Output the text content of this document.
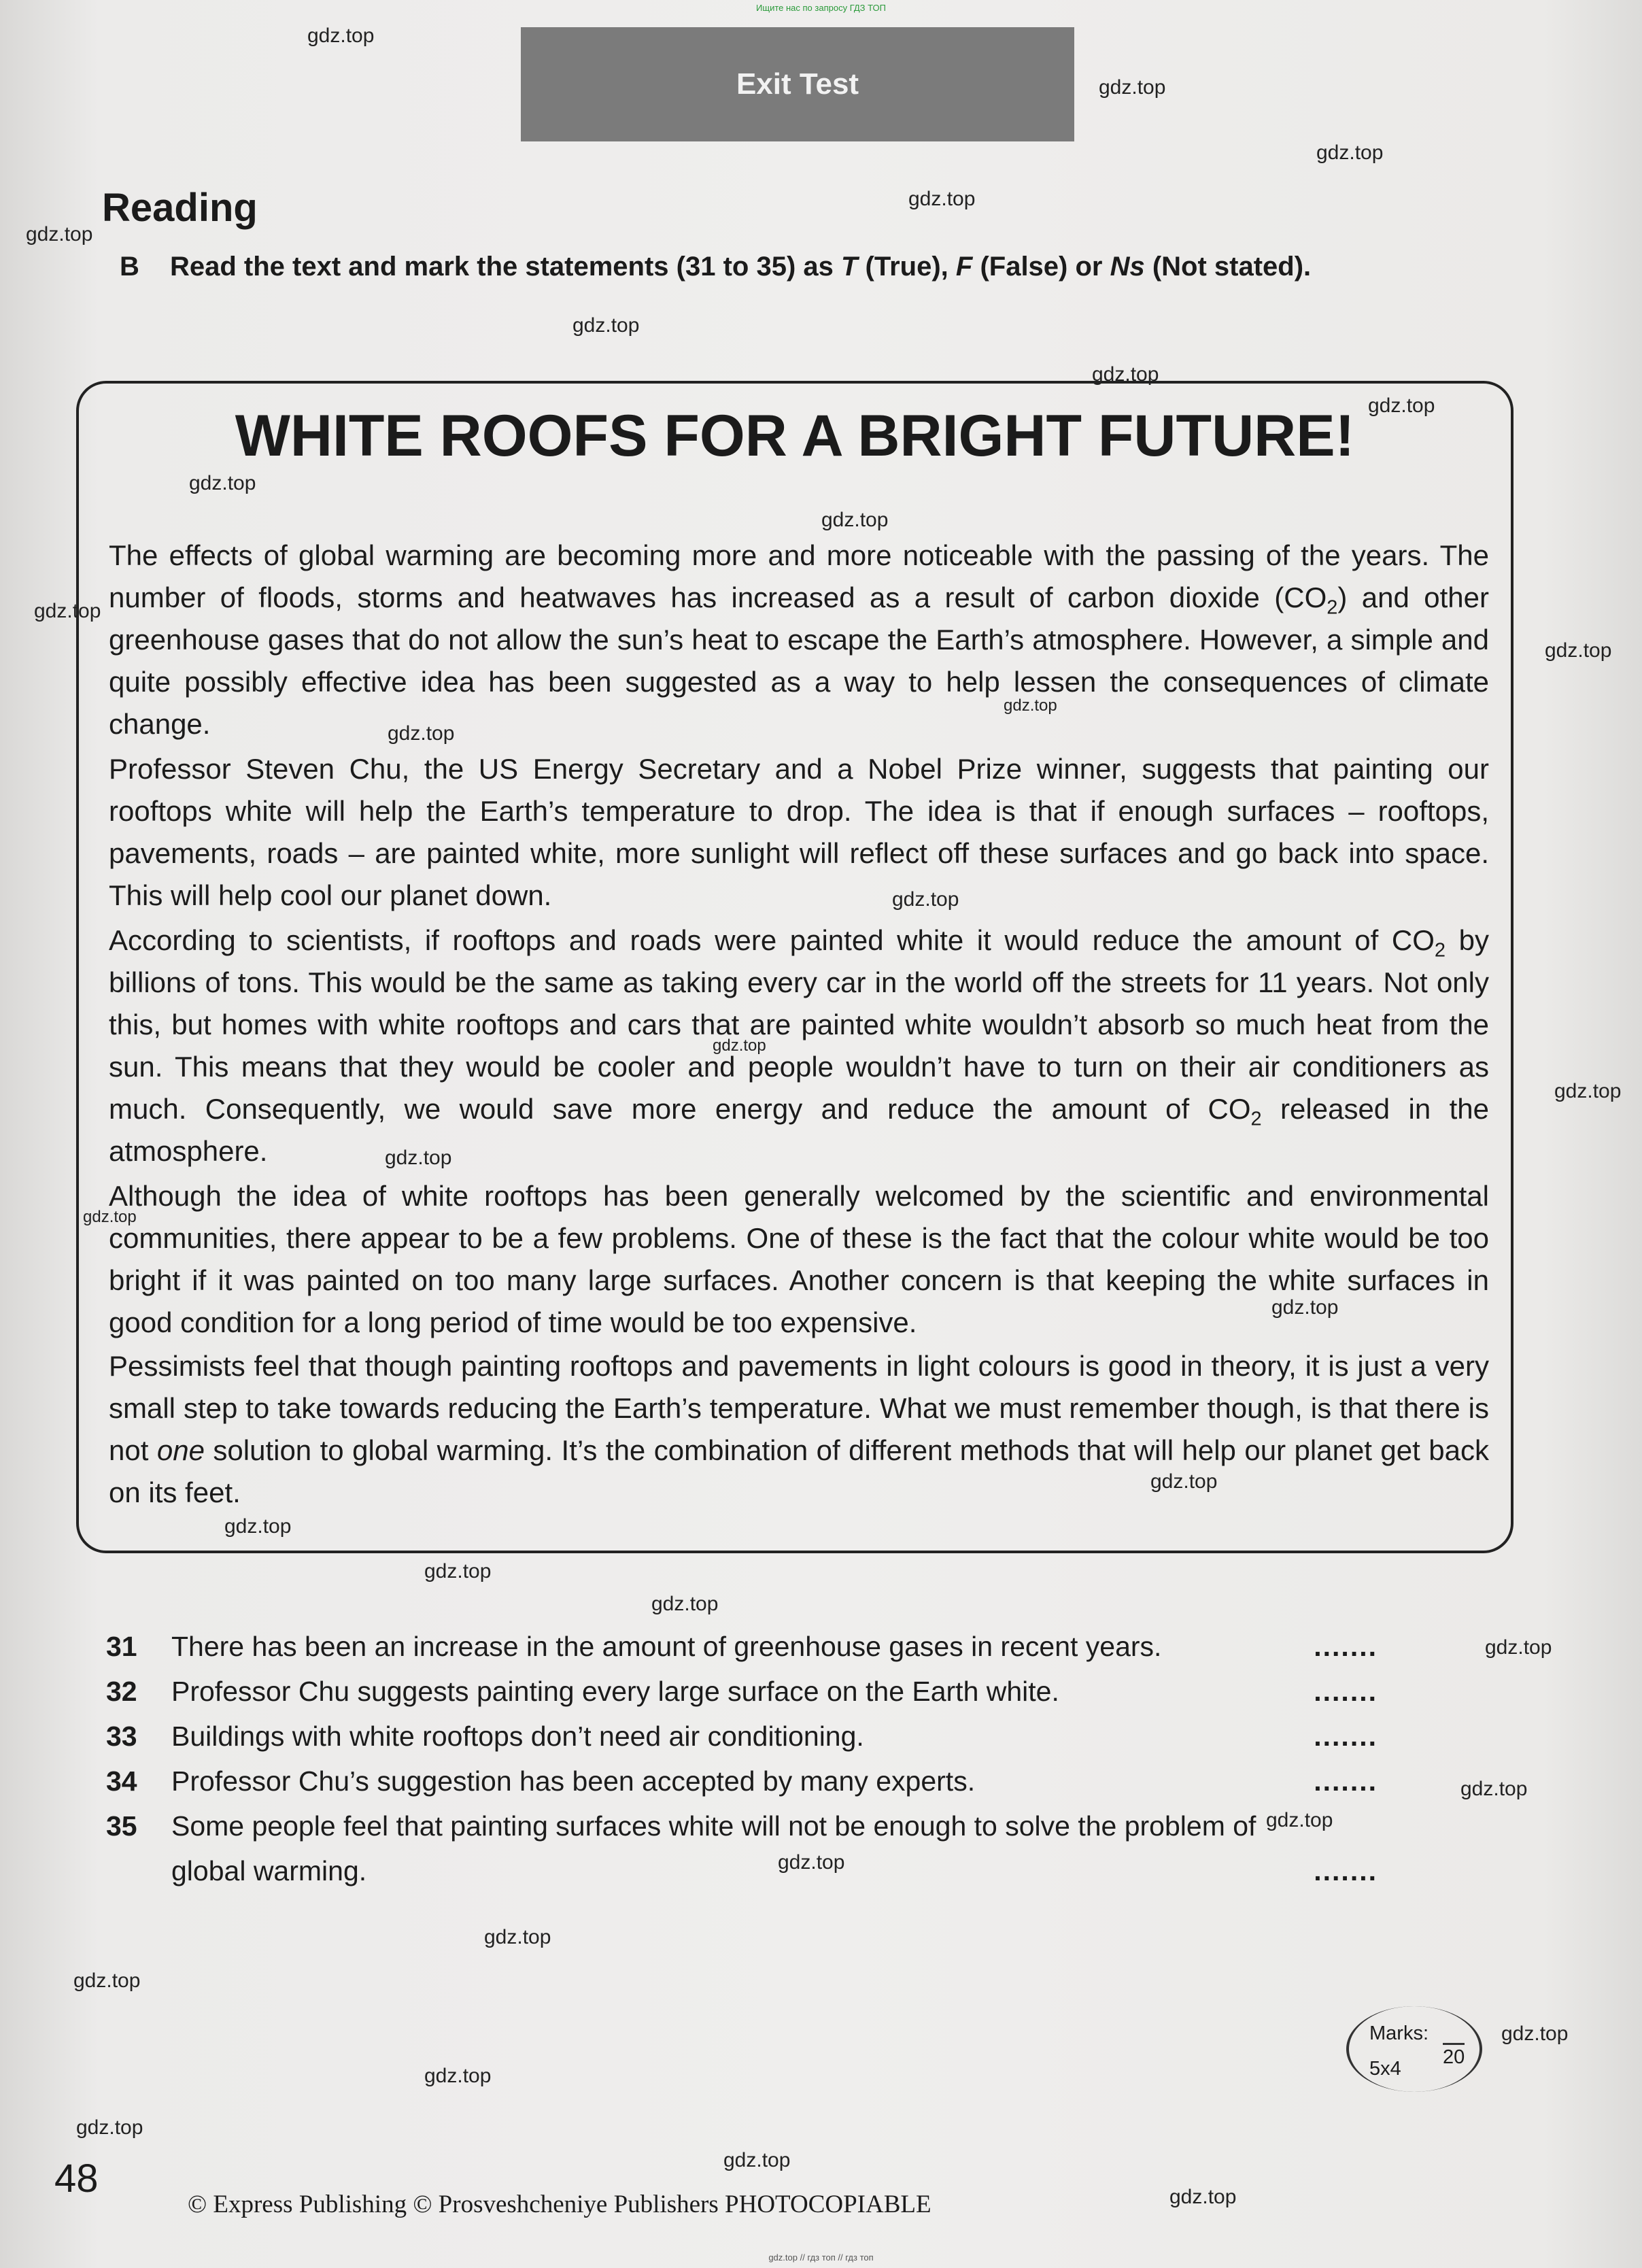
Ищите нас по запросу ГДЗ ТОП
Exit Test
Reading
B Read the text and mark the statements (31 to 35) as T (True), F (False) or Ns (Not stated).
WHITE ROOFS FOR A BRIGHT FUTURE!

The effects of global warming are becoming more and more noticeable with the passing of the years. The number of floods, storms and heatwaves has increased as a result of carbon dioxide $(CO_2)$ and other greenhouse gases that do not allow the sun’s heat to escape the Earth’s atmosphere. However, a simple and quite possibly effective idea has been suggested as a way to help lessen the consequences of climate change.

Professor Steven Chu, the US Energy Secretary and a Nobel Prize winner, suggests that painting our rooftops white will help the Earth’s temperature to drop. The idea is that if enough surfaces – rooftops, pavements, roads – are painted white, more sunlight will reflect off these surfaces and go back into space. This will help cool our planet down.

According to scientists, if rooftops and roads were painted white it would reduce the amount of $CO_2$ by billions of tons. This would be the same as taking every car in the world off the streets for 11 years. Not only this, but homes with white rooftops and cars that are painted white wouldn’t absorb so much heat from the sun. This means that they would be cooler and people wouldn’t have to turn on their air conditioners as much. Consequently, we would save more energy and reduce the amount of $CO_2$ released in the atmosphere.

Although the idea of white rooftops has been generally welcomed by the scientific and environmental communities, there appear to be a few problems. One of these is the fact that the colour white would be too bright if it was painted on too many large surfaces. Another concern is that keeping the white surfaces in good condition for a long period of time would be too expensive.

Pessimists feel that though painting rooftops and pavements in light colours is good in theory, it is just a very small step to take towards reducing the Earth’s temperature. What we must remember though, is that there is not one solution to global warming. It’s the combination of different methods that will help our planet get back on its feet.

31 There has been an increase in the amount of greenhouse gases in recent years.	.......
32 Professor Chu suggests painting every large surface on the Earth white.	.......
33 Buildings with white rooftops don’t need air conditioning.	.......
34 Professor Chu’s suggestion has been accepted by many experts.	.......
35 Some people feel that painting surfaces white will not be enough to solve the problem of global warming.	.......
Marks:
20
5x4
48
© Express Publishing © Prosveshcheniye Publishers PHOTOCOPIABLE
gdz.top // гдз топ // гдз топ
gdz.top
gdz.top
gdz.top
gdz.top
gdz.top
gdz.top
gdz.top
gdz.top
gdz.top
gdz.top
gdz.top
gdz.top
gdz.top
gdz.top
gdz.top
gdz.top
gdz.top
gdz.top
gdz.top
gdz.top
gdz.top
gdz.top
gdz.top
gdz.top
gdz.top
gdz.top
gdz.top
gdz.top
gdz.top
gdz.top
gdz.top
gdz.top
gdz.top
gdz.top
gdz.top
